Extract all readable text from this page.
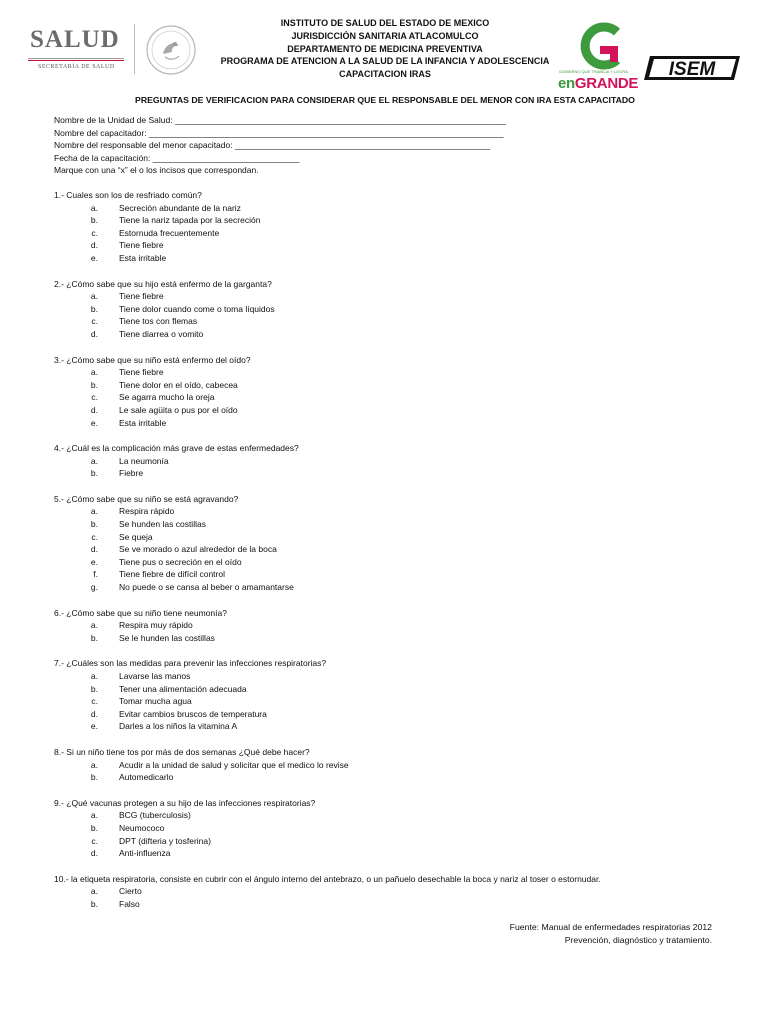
SALUD
SECRETARÍA DE SALUD
INSTITUTO DE SALUD DEL ESTADO DE MEXICO
JURISDICCIÓN SANITARIA ATLACOMULCO
DEPARTAMENTO DE MEDICINA PREVENTIVA
PROGRAMA DE ATENCION A LA SALUD DE LA INFANCIA Y ADOLESCENCIA
CAPACITACION IRAS	GOBIERNO QUE TRABAJA Y LOGRA
enGRANDE
ISEM
PREGUNTAS DE VERIFICACION PARA CONSIDERAR QUE EL RESPONSABLE DEL MENOR CON IRA ESTA CAPACITADO
Nombre de la Unidad de Salud: ______________________________________________________________________
Nombre del capacitador: ___________________________________________________________________________
Nombre del responsable del menor capacitado: ______________________________________________________
Fecha de la capacitación: _______________________________
Marque con una “x” el o los incisos que correspondan.
1.- Cuales son los de resfriado común?
a. Secreción abundante de la nariz
b. Tiene la nariz tapada por la secreción
c. Estornuda frecuentemente
d. Tiene fiebre
e. Esta irritable
2.- ¿Cómo sabe que su hijo está enfermo de la garganta?
a. Tiene fiebre
b. Tiene dolor cuando come o toma líquidos
c. Tiene tos con flemas
d. Tiene diarrea o vomito
3.- ¿Cómo sabe que su niño está enfermo del oído?
a. Tiene fiebre
b. Tiene dolor en el oído, cabecea
c. Se agarra mucho la oreja
d. Le sale agüita o pus por el oído
e. Esta irritable
4.- ¿Cuál es la complicación más grave de estas enfermedades?
a. La neumonía
b. Fiebre
5.- ¿Cómo sabe que su niño se está agravando?
a. Respira rápido
b. Se hunden las costillas
c. Se queja
d. Se ve morado o azul alrededor de la boca
e. Tiene pus o secreción en el oído
f. Tiene fiebre de difícil control
g. No puede o se cansa al beber o amamantarse
6.- ¿Cómo sabe que su niño tiene neumonía?
a. Respira muy rápido
b. Se le hunden las costillas
7.- ¿Cuáles son las medidas para prevenir las infecciones respiratorias?
a. Lavarse las manos
b. Tener una alimentación adecuada
c. Tomar mucha agua
d. Evitar cambios bruscos de temperatura
e. Darles a los niños la vitamina A
8.- Si un niño tiene tos por más de dos semanas ¿Qué debe hacer?
a. Acudir a la unidad de salud y solicitar que el medico lo revise
b. Automedicarlo
9.- ¿Qué vacunas protegen a su hijo de las infecciones respiratorias?
a. BCG (tuberculosis)
b. Neumococo
c. DPT (difteria y tosferina)
d. Anti-influenza
10.- la etiqueta respiratoria, consiste en cubrir con el ángulo interno del antebrazo, o un pañuelo desechable la boca y nariz al toser o estornudar.
a. Cierto
b. Falso
Fuente: Manual de enfermedades respiratorias 2012
Prevención, diagnóstico y tratamiento.
